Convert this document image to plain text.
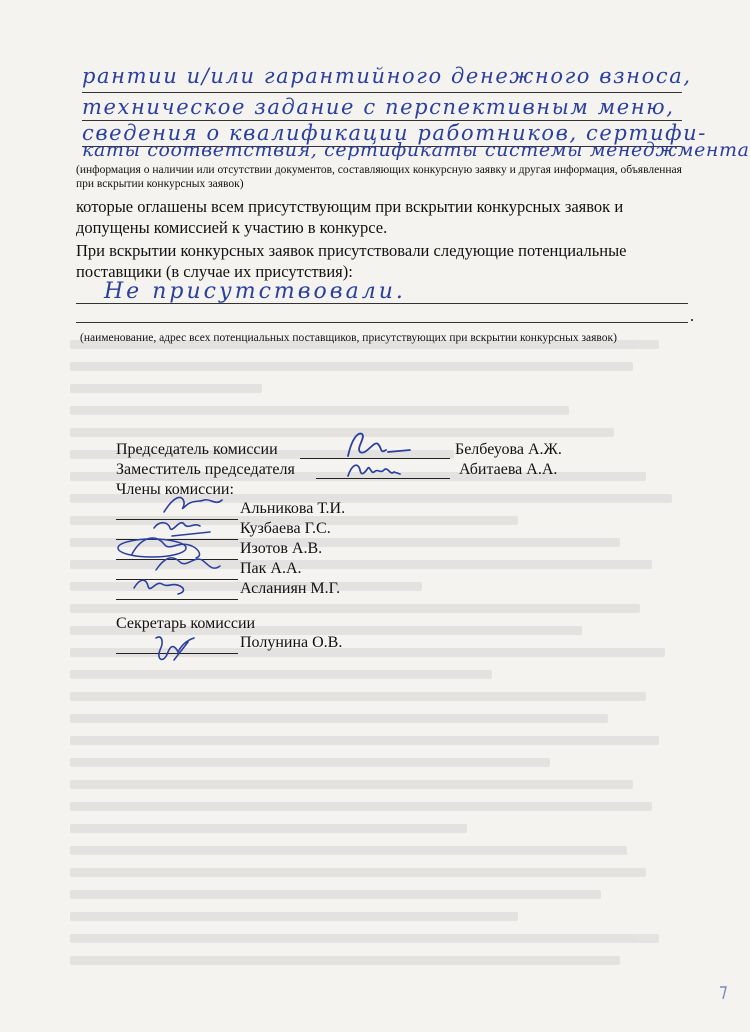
рантии и/или гарантийного денежного взноса,
техническое задание с перспективным меню,
сведения о квалификации работников, сертифи-
каты соответствия, сертификаты системы менеджмента
(информация о наличии или отсутствии документов, составляющих конкурсную заявку и другая информация, объявленная при вскрытии конкурсных заявок)
которые оглашены всем присутствующим при вскрытии конкурсных заявок и
допущены комиссией к участию в конкурсе.
При вскрытии конкурсных заявок присутствовали следующие потенциальные
поставщики (в случае их присутствия):
Не присутствовали.
.
(наименование, адрес всех потенциальных поставщиков, присутствующих при вскрытии конкурсных заявок)
Председатель комиссии	Белбеуова А.Ж.
Заместитель председателя	Абитаева А.А.
Члены комиссии:
Альникова Т.И.
Кузбаева Г.С.
Изотов А.В.
Пак А.А.
Асланиян М.Г.
Секретарь комиссии
Полунина О.В.
